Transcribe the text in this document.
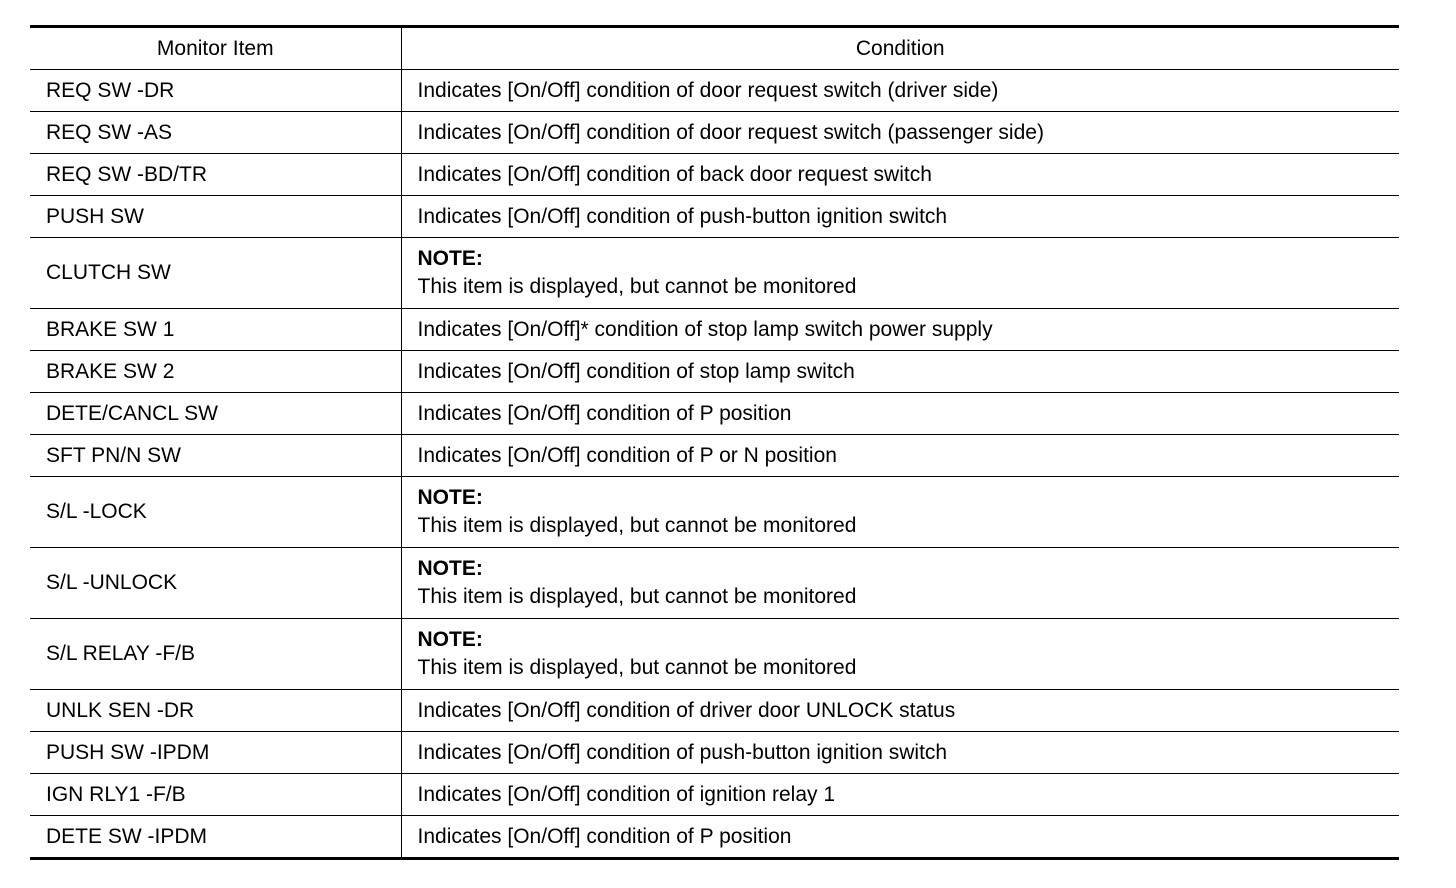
Monitor Item	Condition
REQ SW -DR	Indicates [On/Off] condition of door request switch (driver side)
REQ SW -AS	Indicates [On/Off] condition of door request switch (passenger side)
REQ SW -BD/TR	Indicates [On/Off] condition of back door request switch
PUSH SW	Indicates [On/Off] condition of push-button ignition switch
CLUTCH SW	NOTE:
This item is displayed, but cannot be monitored

BRAKE SW 1	Indicates [On/Off]* condition of stop lamp switch power supply
BRAKE SW 2	Indicates [On/Off] condition of stop lamp switch
DETE/CANCL SW	Indicates [On/Off] condition of P position
SFT PN/N SW	Indicates [On/Off] condition of P or N position
S/L -LOCK	NOTE:
This item is displayed, but cannot be monitored

S/L -UNLOCK	NOTE:
This item is displayed, but cannot be monitored

S/L RELAY -F/B	NOTE:
This item is displayed, but cannot be monitored

UNLK SEN -DR	Indicates [On/Off] condition of driver door UNLOCK status
PUSH SW -IPDM	Indicates [On/Off] condition of push-button ignition switch
IGN RLY1 -F/B	Indicates [On/Off] condition of ignition relay 1
DETE SW -IPDM	Indicates [On/Off] condition of P position
